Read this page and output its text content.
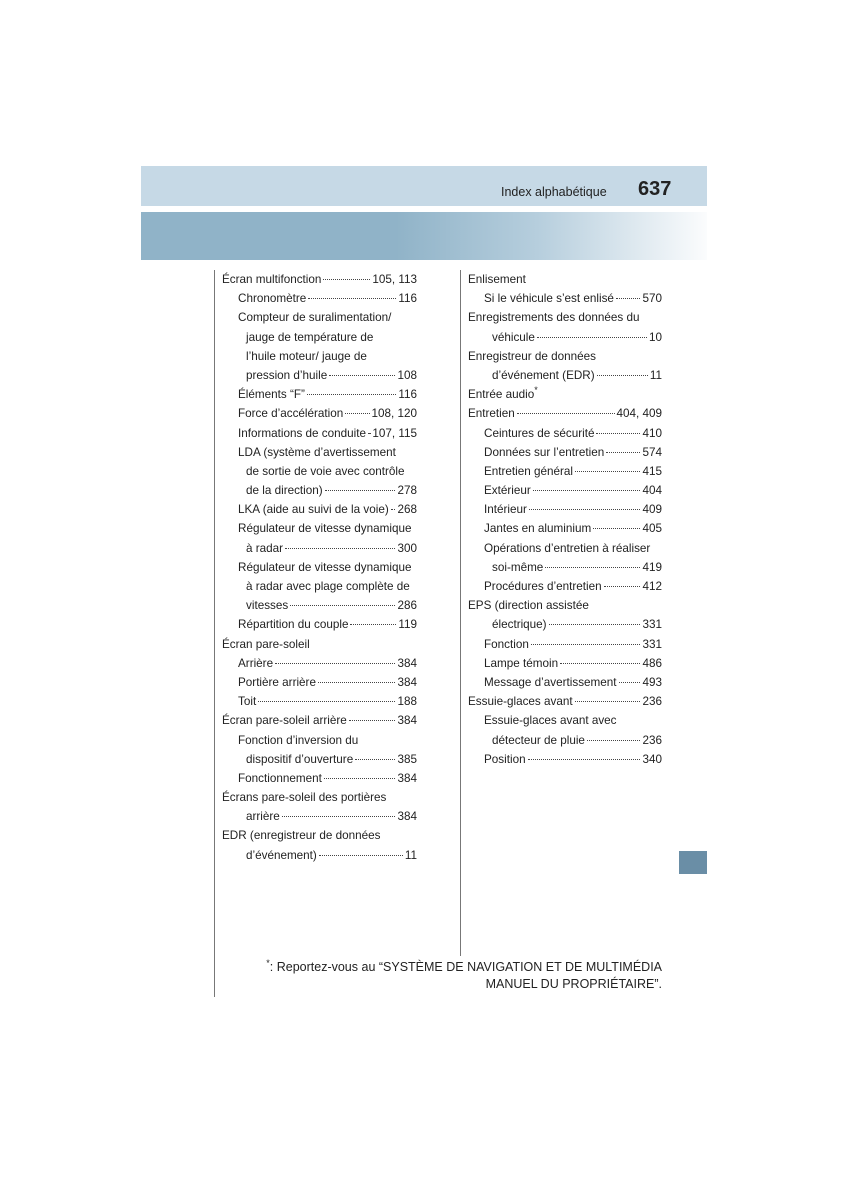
Index alphabétique 637
Écran multifonction	105, 113
Chronomètre	116
Compteur de suralimentation/
jauge de température de
l’huile moteur/ jauge de
pression d’huile	108
Éléments “F”	116
Force d’accélération 108, 120
Informations de conduite 107, 115
LDA (système d’avertissement
de sortie de voie avec contrôle
de la direction)	278
LKA (aide au suivi de la voie) 268
Régulateur de vitesse dynamique
à radar	300
Régulateur de vitesse dynamique
à radar avec plage complète de
vitesses	286
Répartition du couple	119
Écran pare-soleil
Arrière	384
Portière arrière	384
Toit	188
Écran pare-soleil arrière	384
Fonction d’inversion du
dispositif d’ouverture	385
Fonctionnement	384
Écrans pare-soleil des portières
arrière	384
EDR (enregistreur de données
d’événement)	11
Enlisement
Si le véhicule s’est enlisé 570
Enregistrements des données du
véhicule	10
Enregistreur de données
d’événement (EDR)	11
Entrée audio*
Entretien	404, 409
Ceintures de sécurité	410
Données sur l’entretien	574
Entretien général	415
Extérieur	404
Intérieur	409
Jantes en aluminium	405
Opérations d’entretien à réaliser
soi-même	419
Procédures d’entretien	412
EPS (direction assistée
électrique)	331
Fonction	331
Lampe témoin	486
Message d’avertissement 493
Essuie-glaces avant	236
Essuie-glaces avant avec
détecteur de pluie	236
Position	340
*: Reportez-vous au “SYSTÈME DE NAVIGATION ET DE MULTIMÉDIA
MANUEL DU PROPRIÉTAIRE”.
